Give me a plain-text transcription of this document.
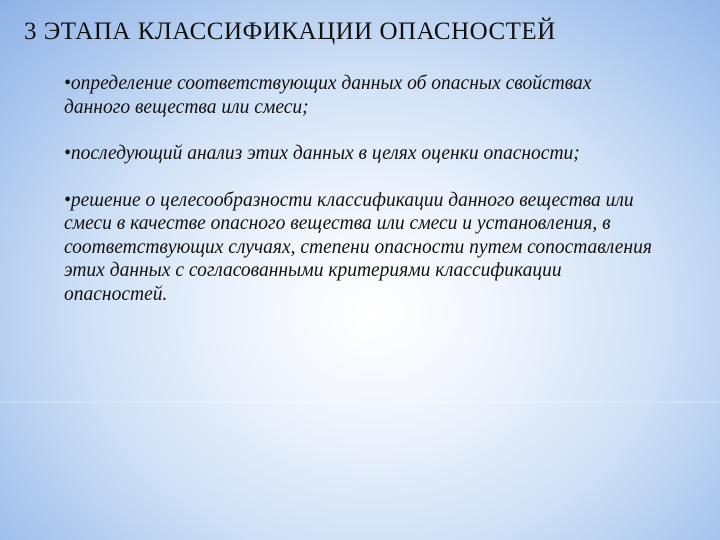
3 ЭТАПА КЛАССИФИКАЦИИ ОПАСНОСТЕЙ

•определение соответствующих данных об опасных свойствах
данного вещества или смеси;

•последующий анализ этих данных в целях оценки опасности;

•решение о целесообразности классификации данного вещества или
смеси в качестве опасного вещества или смеси и установления, в
соответствующих случаях, степени опасности путем сопоставления
этих данных с согласованными критериями классификации
опасностей.
